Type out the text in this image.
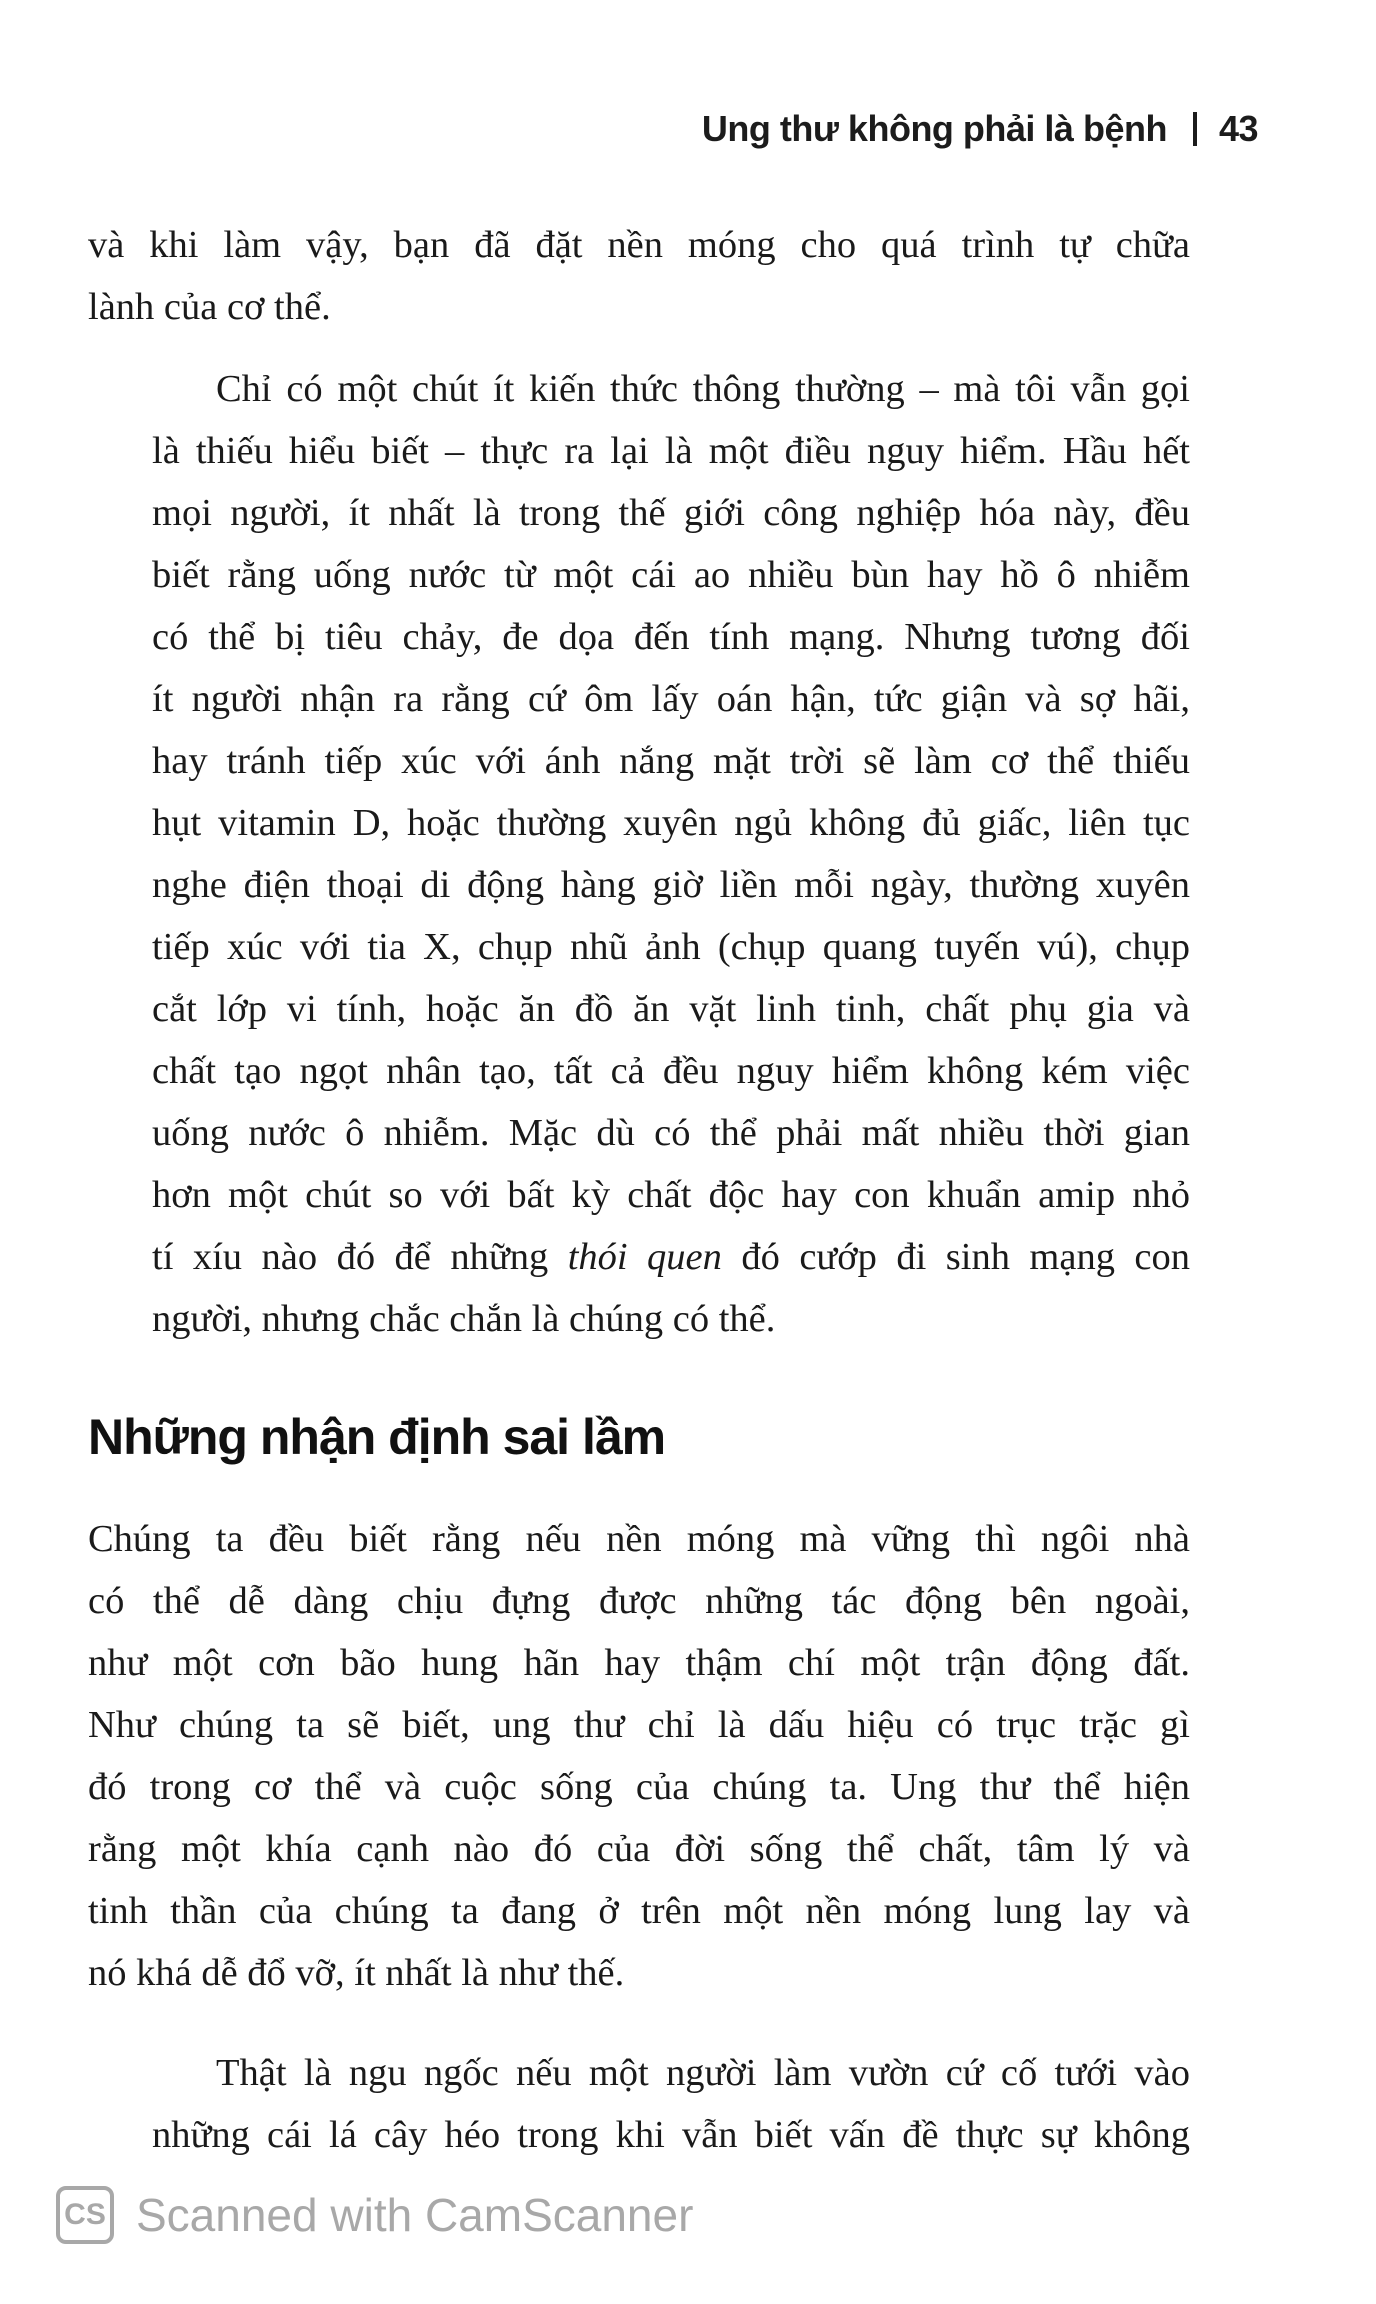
Ung thư không phải là bệnh 43

và khi làm vậy, bạn đã đặt nền móng cho quá trình tự chữa
lành của cơ thể.

Chỉ có một chút ít kiến thức thông thường – mà tôi vẫn gọi
là thiếu hiểu biết – thực ra lại là một điều nguy hiểm. Hầu hết
mọi người, ít nhất là trong thế giới công nghiệp hóa này, đều
biết rằng uống nước từ một cái ao nhiều bùn hay hồ ô nhiễm
có thể bị tiêu chảy, đe dọa đến tính mạng. Nhưng tương đối
ít người nhận ra rằng cứ ôm lấy oán hận, tức giận và sợ hãi,
hay tránh tiếp xúc với ánh nắng mặt trời sẽ làm cơ thể thiếu
hụt vitamin D, hoặc thường xuyên ngủ không đủ giấc, liên tục
nghe điện thoại di động hàng giờ liền mỗi ngày, thường xuyên
tiếp xúc với tia X, chụp nhũ ảnh (chụp quang tuyến vú), chụp
cắt lớp vi tính, hoặc ăn đồ ăn vặt linh tinh, chất phụ gia và
chất tạo ngọt nhân tạo, tất cả đều nguy hiểm không kém việc
uống nước ô nhiễm. Mặc dù có thể phải mất nhiều thời gian
hơn một chút so với bất kỳ chất độc hay con khuẩn amip nhỏ
tí xíu nào đó để những thói quen đó cướp đi sinh mạng con
người, nhưng chắc chắn là chúng có thể.

Những nhận định sai lầm

Chúng ta đều biết rằng nếu nền móng mà vững thì ngôi nhà
có thể dễ dàng chịu đựng được những tác động bên ngoài,
như một cơn bão hung hãn hay thậm chí một trận động đất.
Như chúng ta sẽ biết, ung thư chỉ là dấu hiệu có trục trặc gì
đó trong cơ thể và cuộc sống của chúng ta. Ung thư thể hiện
rằng một khía cạnh nào đó của đời sống thể chất, tâm lý và
tinh thần của chúng ta đang ở trên một nền móng lung lay và
nó khá dễ đổ vỡ, ít nhất là như thế.

Thật là ngu ngốc nếu một người làm vườn cứ cố tưới vào
những cái lá cây héo trong khi vẫn biết vấn đề thực sự không

CS Scanned with CamScanner
